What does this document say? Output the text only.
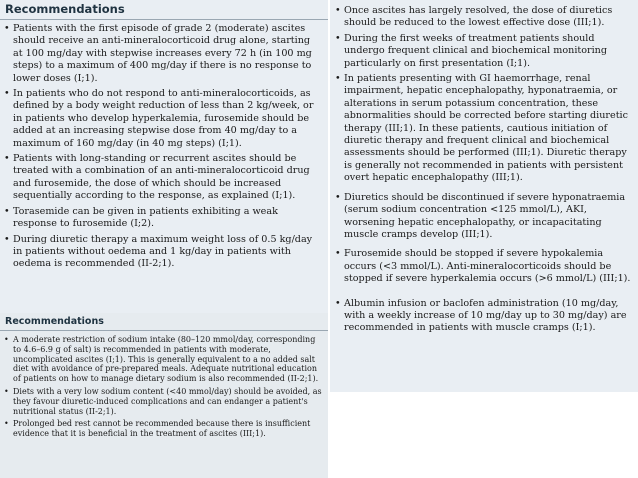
Recommendations
• Patients with the first episode of grade 2 (moderate) ascites should receive an anti-mineralocorticoid drug alone, starting at 100 mg/day with stepwise increases every 72 h (in 100 mg steps) to a maximum of 400 mg/day if there is no response to lower doses (I;1).
• In patients who do not respond to anti-mineralocorticoids, as defined by a body weight reduction of less than 2 kg/week, or in patients who develop hyperkalemia, furosemide should be added at an increasing stepwise dose from 40 mg/day to a maximum of 160 mg/day (in 40 mg steps) (I;1).
• Patients with long-standing or recurrent ascites should be treated with a combination of an anti-mineralocorticoid drug and furosemide, the dose of which should be increased sequentially according to the response, as explained (I;1).
• Torasemide can be given in patients exhibiting a weak response to furosemide (I;2).
• During diuretic therapy a maximum weight loss of 0.5 kg/day in patients without oedema and 1 kg/day in patients with oedema is recommended (II-2;1).
Recommendations
• A moderate restriction of sodium intake (80–120 mmol/day, corresponding to 4.6–6.9 g of salt) is recommended in patients with moderate, uncomplicated ascites (I;1). This is generally equivalent to a no added salt diet with avoidance of pre-prepared meals. Adequate nutritional education of patients on how to manage dietary sodium is also recommended (II-2;1).
• Diets with a very low sodium content (<40 mmol/day) should be avoided, as they favour diuretic-induced complications and can endanger a patient's nutritional status (II-2;1).
• Prolonged bed rest cannot be recommended because there is insufficient evidence that it is beneficial in the treatment of ascites (III;1).
• Once ascites has largely resolved, the dose of diuretics should be reduced to the lowest effective dose (III;1).
• During the first weeks of treatment patients should undergo frequent clinical and biochemical monitoring particularly on first presentation (I;1).
• In patients presenting with GI haemorrhage, renal impairment, hepatic encephalopathy, hyponatraemia, or alterations in serum potassium concentration, these abnormalities should be corrected before starting diuretic therapy (III;1). In these patients, cautious initiation of diuretic therapy and frequent clinical and biochemical assessments should be performed (III;1). Diuretic therapy is generally not recommended in patients with persistent overt hepatic encephalopathy (III;1).
• Diuretics should be discontinued if severe hyponatraemia (serum sodium concentration <125 mmol/L), AKI, worsening hepatic encephalopathy, or incapacitating muscle cramps develop (III;1).
• Furosemide should be stopped if severe hypokalemia occurs (<3 mmol/L). Anti-mineralocorticoids should be stopped if severe hyperkalemia occurs (>6 mmol/L) (III;1).
• Albumin infusion or baclofen administration (10 mg/day, with a weekly increase of 10 mg/day up to 30 mg/day) are recommended in patients with muscle cramps (I;1).
